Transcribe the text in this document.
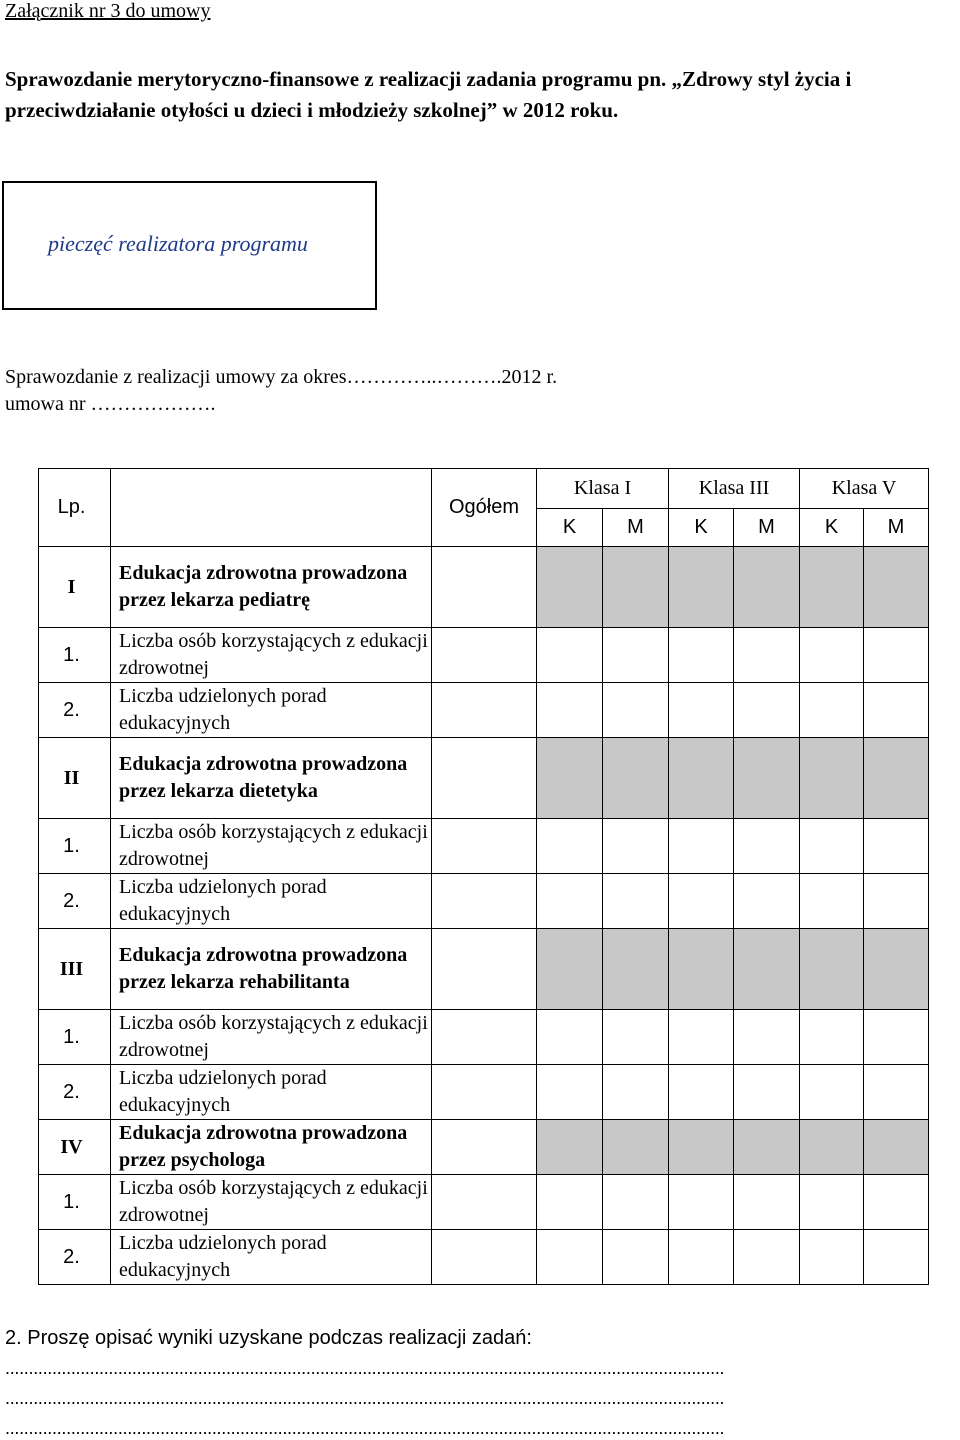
Załącznik nr 3 do umowy
Sprawozdanie merytoryczno-finansowe z realizacji zadania programu pn. „Zdrowy styl życia i przeciwdziałanie otyłości u dzieci i młodzieży szkolnej” w 2012 roku.
pieczęć realizatora programu
Sprawozdanie z realizacji umowy za okres…………..……….2012 r.
umowa nr ……………….
Lp.		Ogółem	Klasa I		Klasa III		Klasa V	
			K	M	K	M	K	M
I	Edukacja zdrowotna prowadzona przez lekarza pediatrę							
1.	Liczba osób korzystających z edukacji zdrowotnej							
2.	Liczba udzielonych porad edukacyjnych							
II	Edukacja zdrowotna prowadzona przez lekarza dietetyka							
1.	Liczba osób korzystających z edukacji zdrowotnej							
2.	Liczba udzielonych porad edukacyjnych							
III	Edukacja zdrowotna prowadzona przez lekarza rehabilitanta							
1.	Liczba osób korzystających z edukacji zdrowotnej							
2.	Liczba udzielonych porad edukacyjnych							
IV	Edukacja zdrowotna prowadzona przez psychologa							
1.	Liczba osób korzystających z edukacji zdrowotnej							
2.	Liczba udzielonych porad edukacyjnych							
2. Proszę opisać wyniki uzyskane podczas realizacji zadań:
.........................................................................................................................................................
.........................................................................................................................................................
.........................................................................................................................................................
